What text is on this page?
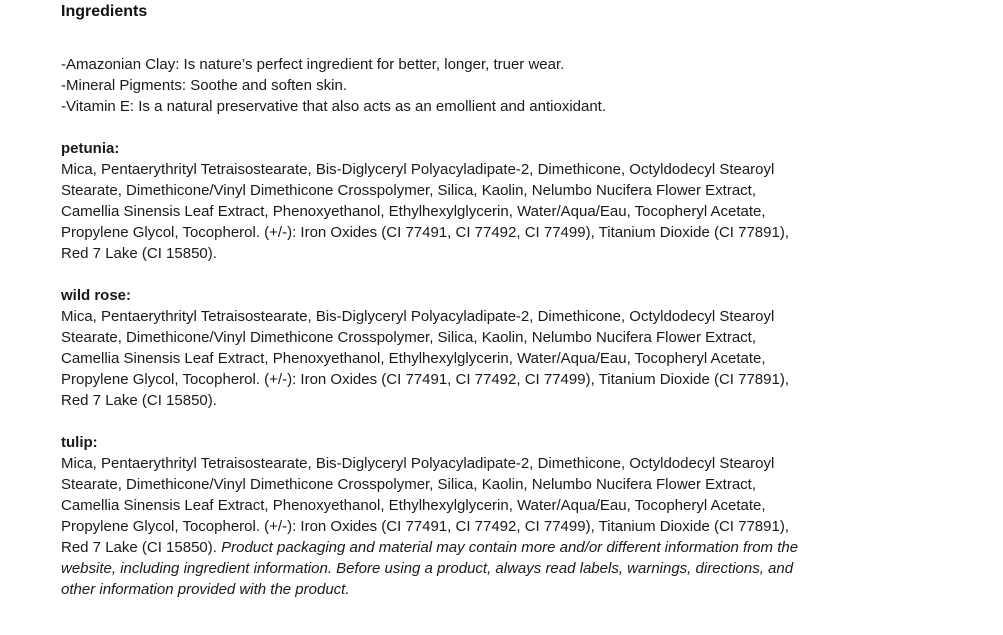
Ingredients
-Amazonian Clay: Is nature’s perfect ingredient for better, longer, truer wear.
-Mineral Pigments: Soothe and soften skin.
-Vitamin E: Is a natural preservative that also acts as an emollient and antioxidant.
petunia:
Mica, Pentaerythrityl Tetraisostearate, Bis-Diglyceryl Polyacyladipate-2, Dimethicone, Octyldodecyl Stearoyl Stearate, Dimethicone/Vinyl Dimethicone Crosspolymer, Silica, Kaolin, Nelumbo Nucifera Flower Extract, Camellia Sinensis Leaf Extract, Phenoxyethanol, Ethylhexylglycerin, Water/Aqua/Eau, Tocopheryl Acetate, Propylene Glycol, Tocopherol. (+/-): Iron Oxides (CI 77491, CI 77492, CI 77499), Titanium Dioxide (CI 77891), Red 7 Lake (CI 15850).
wild rose:
Mica, Pentaerythrityl Tetraisostearate, Bis-Diglyceryl Polyacyladipate-2, Dimethicone, Octyldodecyl Stearoyl Stearate, Dimethicone/Vinyl Dimethicone Crosspolymer, Silica, Kaolin, Nelumbo Nucifera Flower Extract, Camellia Sinensis Leaf Extract, Phenoxyethanol, Ethylhexylglycerin, Water/Aqua/Eau, Tocopheryl Acetate, Propylene Glycol, Tocopherol. (+/-): Iron Oxides (CI 77491, CI 77492, CI 77499), Titanium Dioxide (CI 77891), Red 7 Lake (CI 15850).
tulip:
Mica, Pentaerythrityl Tetraisostearate, Bis-Diglyceryl Polyacyladipate-2, Dimethicone, Octyldodecyl Stearoyl Stearate, Dimethicone/Vinyl Dimethicone Crosspolymer, Silica, Kaolin, Nelumbo Nucifera Flower Extract, Camellia Sinensis Leaf Extract, Phenoxyethanol, Ethylhexylglycerin, Water/Aqua/Eau, Tocopheryl Acetate, Propylene Glycol, Tocopherol. (+/-): Iron Oxides (CI 77491, CI 77492, CI 77499), Titanium Dioxide (CI 77891), Red 7 Lake (CI 15850). Product packaging and material may contain more and/or different information from the website, including ingredient information. Before using a product, always read labels, warnings, directions, and other information provided with the product.
